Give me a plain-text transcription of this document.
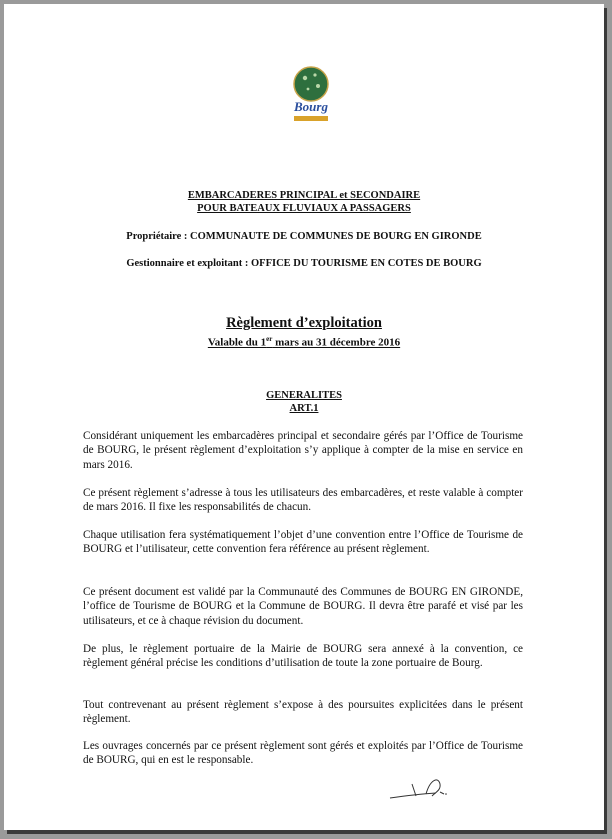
Bourg
EMBARCADERES PRINCIPAL et SECONDAIRE
POUR BATEAUX FLUVIAUX A PASSAGERS
Propriétaire : COMMUNAUTE DE COMMUNES DE BOURG EN GIRONDE
Gestionnaire et exploitant : OFFICE DU TOURISME EN COTES DE BOURG
Règlement d’exploitation
Valable du 1er mars au 31 décembre 2016
GENERALITES
ART.1
Considérant uniquement les embarcadères principal et secondaire gérés par l’Office de Tourisme de BOURG, le présent règlement d’exploitation s’y applique à compter de la mise en service en mars 2016.
Ce présent règlement s’adresse à tous les utilisateurs des embarcadères, et reste valable à compter de mars 2016. Il fixe les responsabilités de chacun.
Chaque utilisation fera systématiquement l’objet d’une convention entre l’Office de Tourisme de BOURG et l’utilisateur, cette convention fera référence au présent règlement.
Ce présent document est validé par la Communauté des Communes de BOURG EN GIRONDE, l’office de Tourisme de BOURG et la Commune de BOURG. Il devra être parafé et visé par les utilisateurs, et ce à chaque révision du document.
De plus, le règlement portuaire de la Mairie de BOURG sera annexé à la convention, ce règlement général précise les conditions d’utilisation de toute la zone portuaire de Bourg.
Tout contrevenant au présent règlement s’expose à des poursuites explicitées dans le présent règlement.
Les ouvrages concernés par ce présent règlement sont gérés et exploités par l’Office de Tourisme de BOURG, qui en est le responsable.
